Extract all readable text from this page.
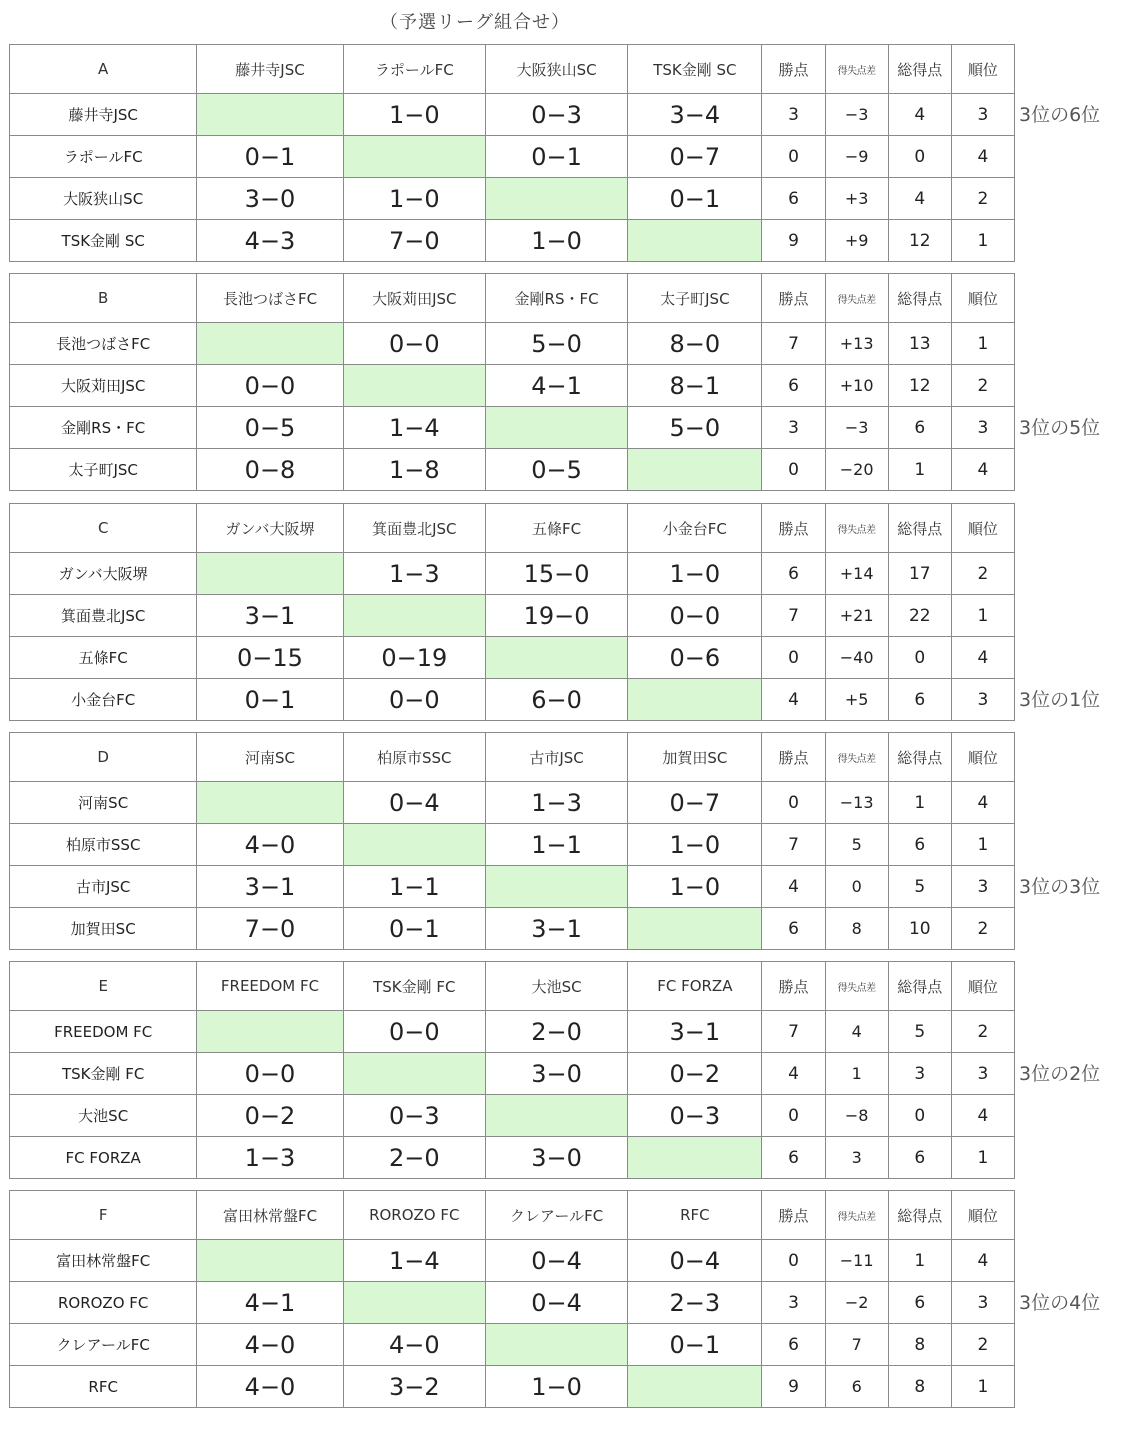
（予選リーグ組合せ）
A	藤井寺JSC	ラポールFC	大阪狭山SC	TSK金剛 SC	勝点	得失点差	総得点	順位
藤井寺JSC		1−0	0−3	3−4	3	−3	4	3
ラポールFC	0−1		0−1	0−7	0	−9	0	4
大阪狭山SC	3−0	1−0		0−1	6	+3	4	2
TSK金剛 SC	4−3	7−0	1−0		9	+9	12	1
3位の6位
B	長池つばさFC	大阪苅田JSC	金剛RS・FC	太子町JSC	勝点	得失点差	総得点	順位
長池つばさFC		0−0	5−0	8−0	7	+13	13	1
大阪苅田JSC	0−0		4−1	8−1	6	+10	12	2
金剛RS・FC	0−5	1−4		5−0	3	−3	6	3
太子町JSC	0−8	1−8	0−5		0	−20	1	4
3位の5位
C	ガンバ大阪堺	箕面豊北JSC	五條FC	小金台FC	勝点	得失点差	総得点	順位
ガンバ大阪堺		1−3	15−0	1−0	6	+14	17	2
箕面豊北JSC	3−1		19−0	0−0	7	+21	22	1
五條FC	0−15	0−19		0−6	0	−40	0	4
小金台FC	0−1	0−0	6−0		4	+5	6	3 3位の1位
D	河南SC	柏原市SSC	古市JSC	加賀田SC	勝点	得失点差	総得点	順位
河南SC		0−4	1−3	0−7	0	−13	1	4
柏原市SSC	4−0		1−1	1−0	7	5	6	1
古市JSC	3−1	1−1		1−0	4	0	5	3
加賀田SC	7−0	0−1	3−1		6	8	10	2
3位の3位
E	FREEDOM FC	TSK金剛 FC	大池SC	FC FORZA	勝点	得失点差	総得点	順位
FREEDOM FC		0−0	2−0	3−1	7	4	5	2
TSK金剛 FC	0−0		3−0	0−2	4	1	3	3
大池SC	0−2	0−3		0−3	0	−8	0	4
FC FORZA	1−3	2−0	3−0		6	3	6	1
3位の2位
F	富田林常盤FC	ROROZO FC	クレアールFC	RFC	勝点	得失点差	総得点	順位
富田林常盤FC		1−4	0−4	0−4	0	−11	1	4
ROROZO FC	4−1		0−4	2−3	3	−2	6	3
クレアールFC	4−0	4−0		0−1	6	7	8	2
RFC	4−0	3−2	1−0		9	6	8	1
3位の4位
